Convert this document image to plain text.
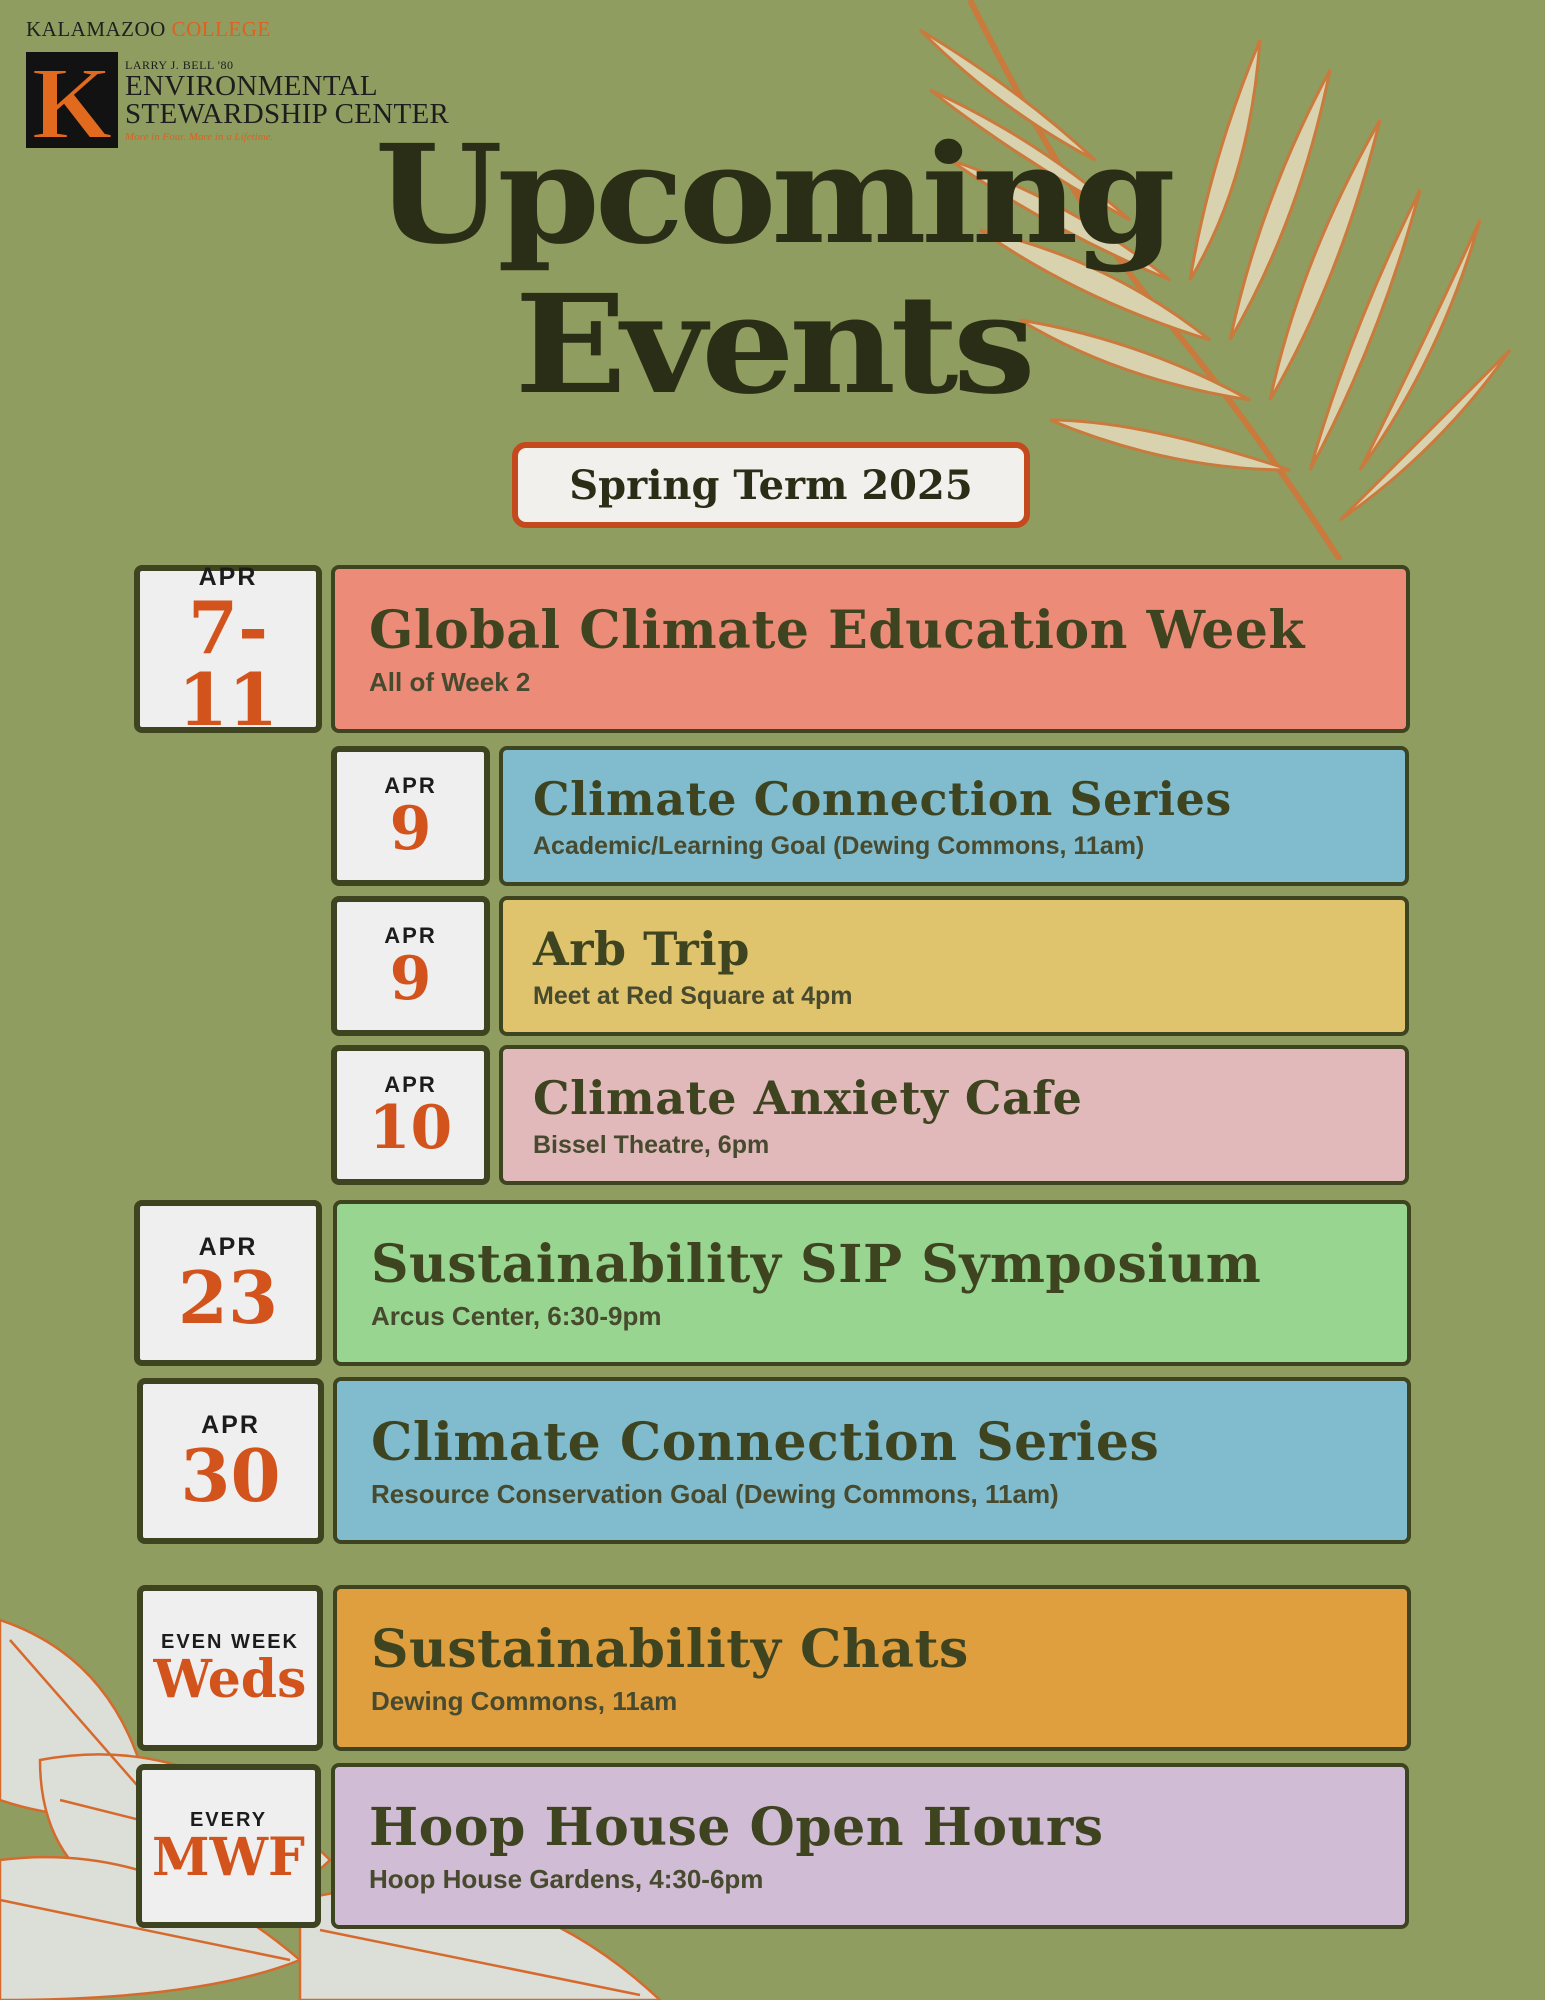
KALAMAZOO COLLEGE
K LARRY J. BELL '80
ENVIRONMENTAL
STEWARDSHIP CENTER
More in Four. More in a Lifetime. Upcoming
Events
Spring Term 2025
APR
7-11
Global Climate Education Week
All of Week 2
APR
9 Climate Connection Series
Academic/Learning Goal (Dewing Commons, 11am)
APR
9 Arb Trip
Meet at Red Square at 4pm
APR
10 Climate Anxiety Cafe
Bissel Theatre, 6pm
APR
23 Sustainability SIP Symposium
Arcus Center, 6:30-9pm
APR
30 Climate Connection Series
Resource Conservation Goal (Dewing Commons, 11am)
EVEN WEEK
Weds Sustainability Chats
Dewing Commons, 11am
EVERY
MWF Hoop House Open Hours
Hoop House Gardens, 4:30-6pm
